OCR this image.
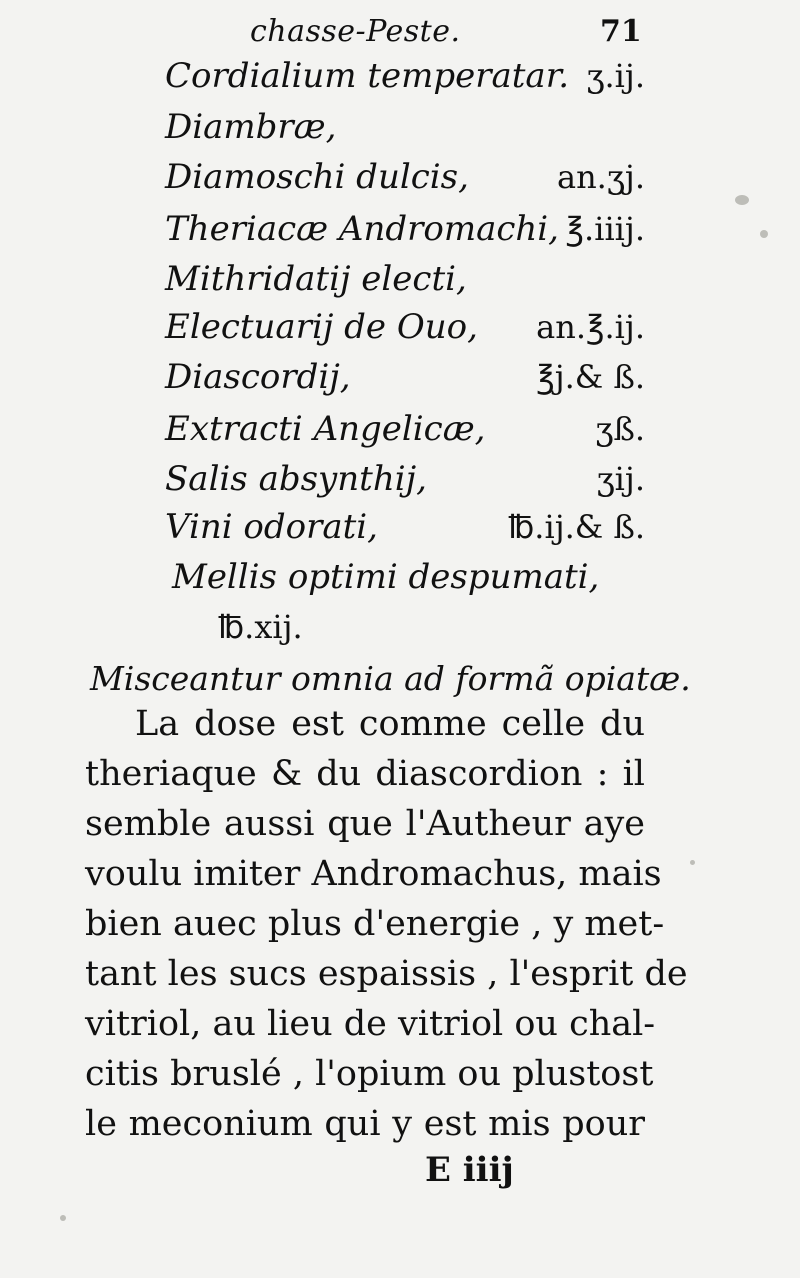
chasse-Peste.	71
Cordialium temperatar. ʒ.ij.
Diambræ,
Diamoschi dulcis,	an.ʒj.
Theriacæ Andromachi, ℥.iiij.
Mithridatij electi,
Electuarij de Ouo, an.℥.ij.
Diascordij,	℥j.& ß.
Extracti Angelicæ,	ʒß.
Salis absynthij,	ʒij.
Vini odorati,	℔.ij.& ß.
Mellis optimi despumati,
℔.xij.
Misceantur omnia ad formã opiatæ.
La dose est comme celle du
theriaque & du diascordion : il
semble aussi que l'Autheur aye
voulu imiter Andromachus, mais
bien auec plus d'energie , y met-
tant les sucs espaissis , l'esprit de
vitriol, au lieu de vitriol ou chal-
citis bruslé , l'opium ou plustost
le meconium qui y est mis pour
E iiij
